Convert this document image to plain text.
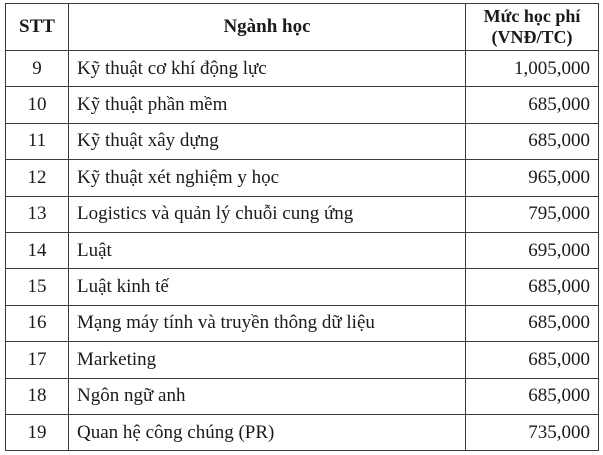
STT	Ngành học	Mức học phí
(VNĐ/TC)
9	Kỹ thuật cơ khí động lực	1,005,000
10	Kỹ thuật phần mềm	685,000
11	Kỹ thuật xây dựng	685,000
12	Kỹ thuật xét nghiệm y học	965,000
13	Logistics và quản lý chuỗi cung ứng	795,000
14	Luật	695,000
15	Luật kinh tế	685,000
16	Mạng máy tính và truyền thông dữ liệu	685,000
17	Marketing	685,000
18	Ngôn ngữ anh	685,000
19	Quan hệ công chúng (PR)	735,000
